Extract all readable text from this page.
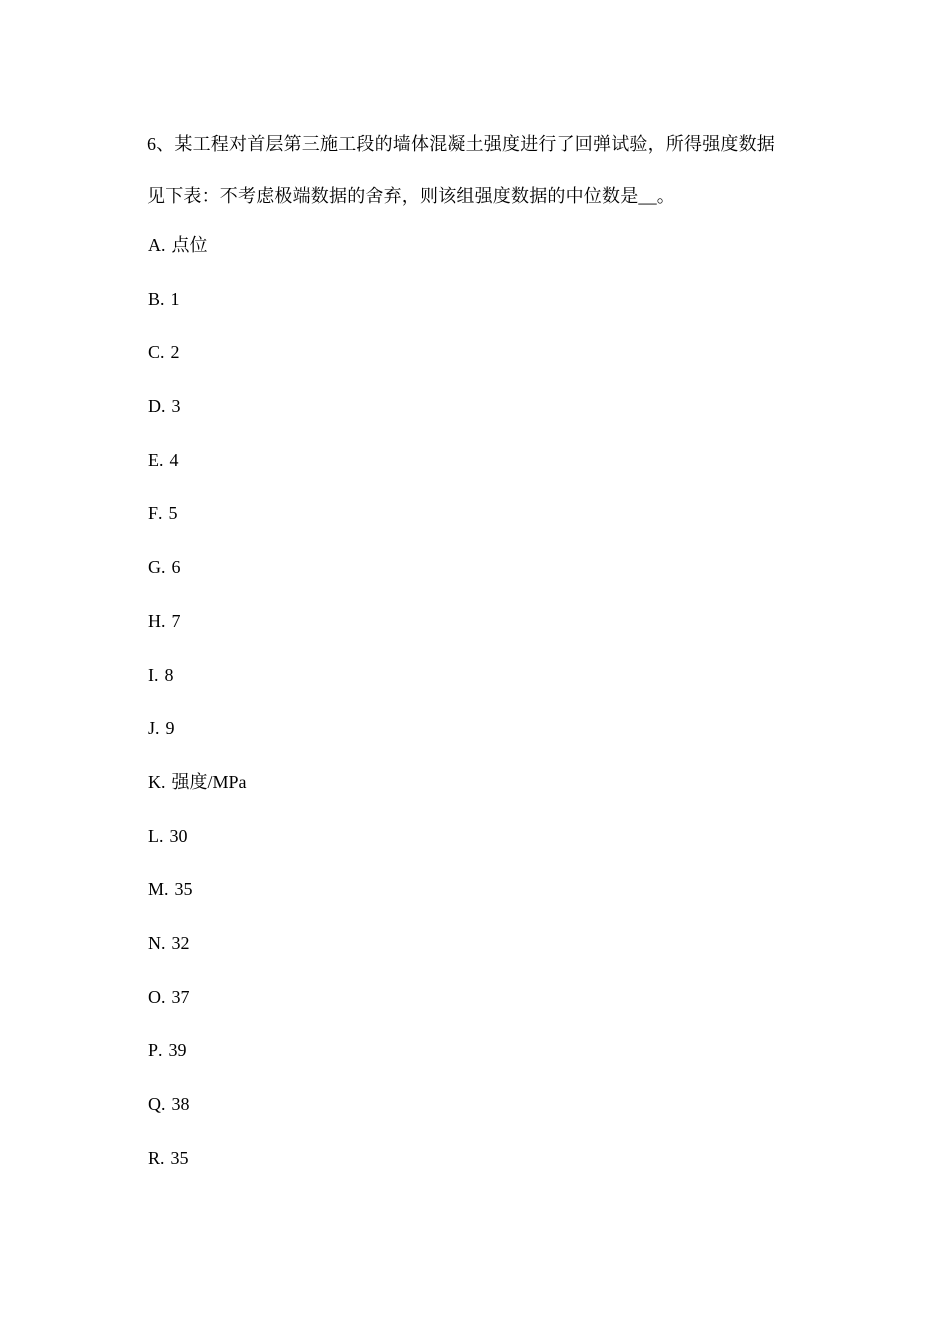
6、某工程对首层第三施工段的墙体混凝土强度进行了回弹试验，所得强度数据
见下表：不考虑极端数据的舍弃，则该组强度数据的中位数是__。
A. 点位
B. 1
C. 2
D. 3
E. 4
F. 5
G. 6
H. 7
I. 8
J. 9
K. 强度/MPa
L. 30
M. 35
N. 32
O. 37
P. 39
Q. 38
R. 35
